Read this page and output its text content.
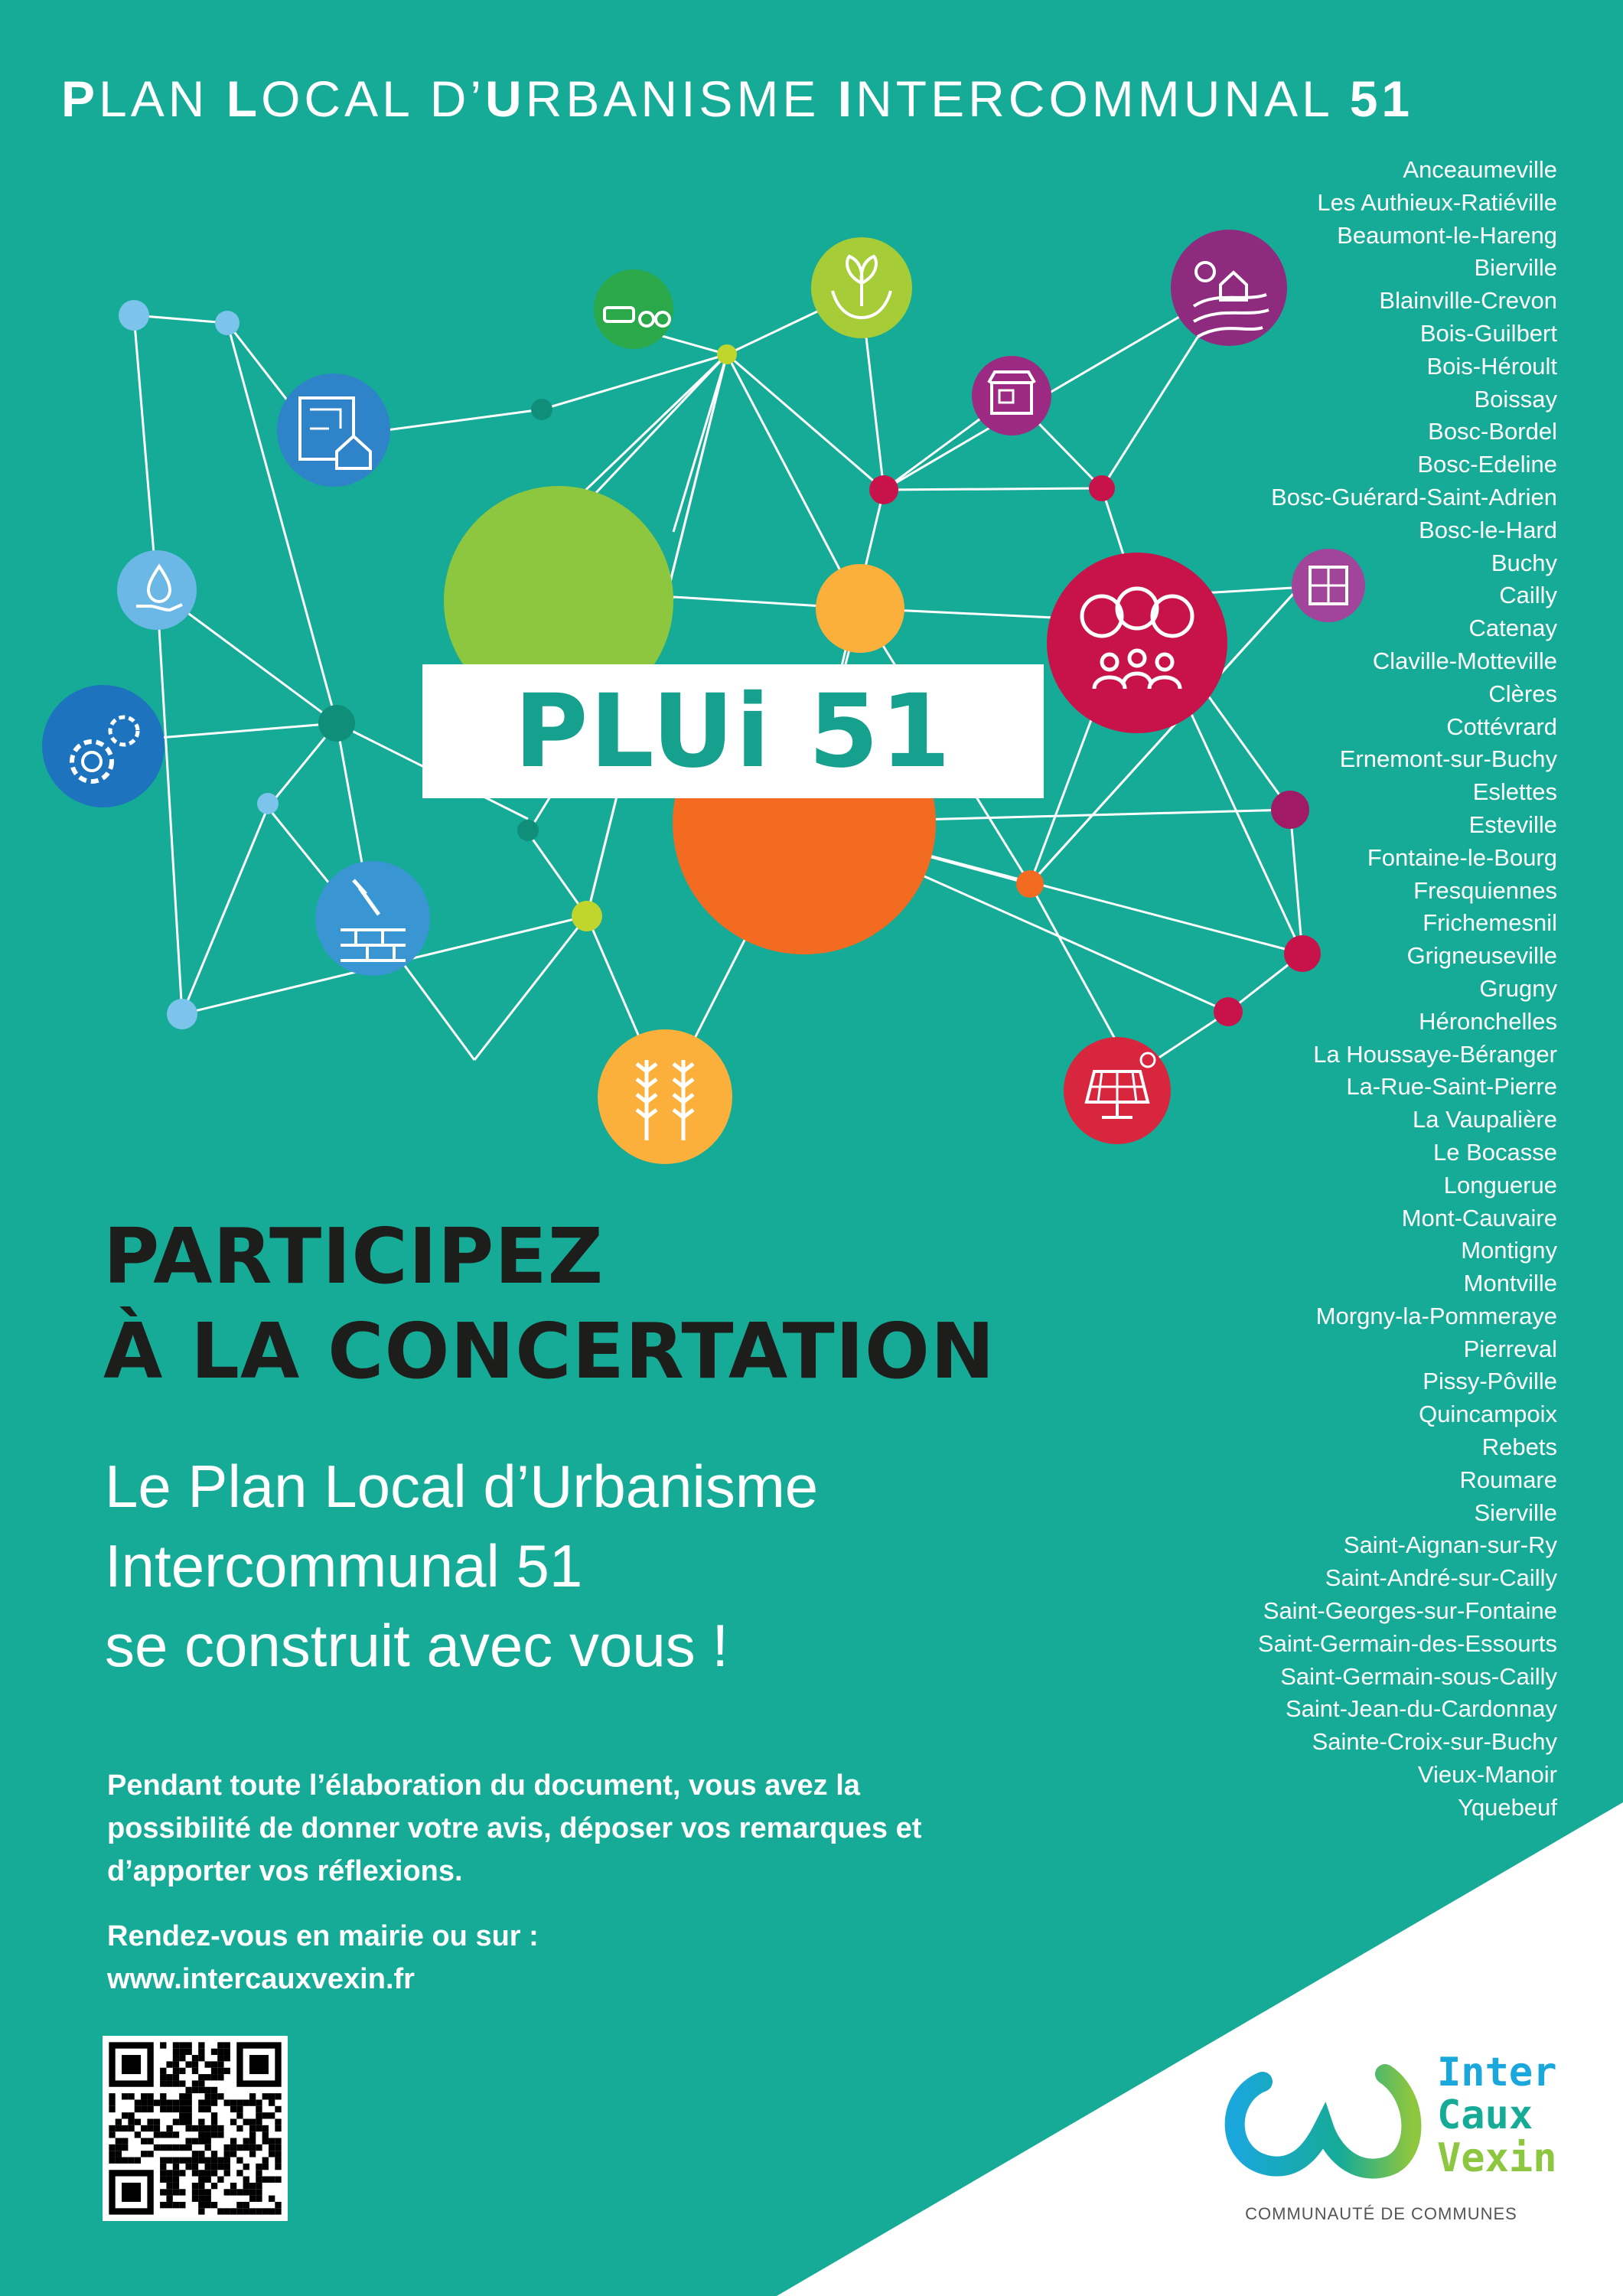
PLAN LOCAL D’URBANISME INTERCOMMUNAL 51
PLUi 51
Anceaumeville
Les Authieux-Ratiéville
Beaumont-le-Hareng
Bierville
Blainville-Crevon
Bois-Guilbert
Bois-Héroult
Boissay
Bosc-Bordel
Bosc-Edeline
Bosc-Guérard-Saint-Adrien
Bosc-le-Hard
Buchy
Cailly
Catenay
Claville-Motteville
Clères
Cottévrard
Ernemont-sur-Buchy
Eslettes
Esteville
Fontaine-le-Bourg
Fresquiennes
Frichemesnil
Grigneuseville
Grugny
Héronchelles
La Houssaye-Béranger
La-Rue-Saint-Pierre
La Vaupalière
Le Bocasse
Longuerue
Mont-Cauvaire
Montigny
Montville
Morgny-la-Pommeraye
Pierreval
Pissy-Pôville
Quincampoix
Rebets
Roumare
Sierville
Saint-Aignan-sur-Ry
Saint-André-sur-Cailly
Saint-Georges-sur-Fontaine
Saint-Germain-des-Essourts
Saint-Germain-sous-Cailly
Saint-Jean-du-Cardonnay
Sainte-Croix-sur-Buchy
Vieux-Manoir
Yquebeuf
PARTICIPEZ
À LA CONCERTATION
Le Plan Local d’Urbanisme
Intercommunal 51
se construit avec vous !
Pendant toute l’élaboration du document, vous avez la
possibilité de donner votre avis, déposer vos remarques et
d’apporter vos réflexions.
Rendez-vous en mairie ou sur :
www.intercauxvexin.fr
Inter
Caux
Vexin
COMMUNAUTÉ DE COMMUNES
